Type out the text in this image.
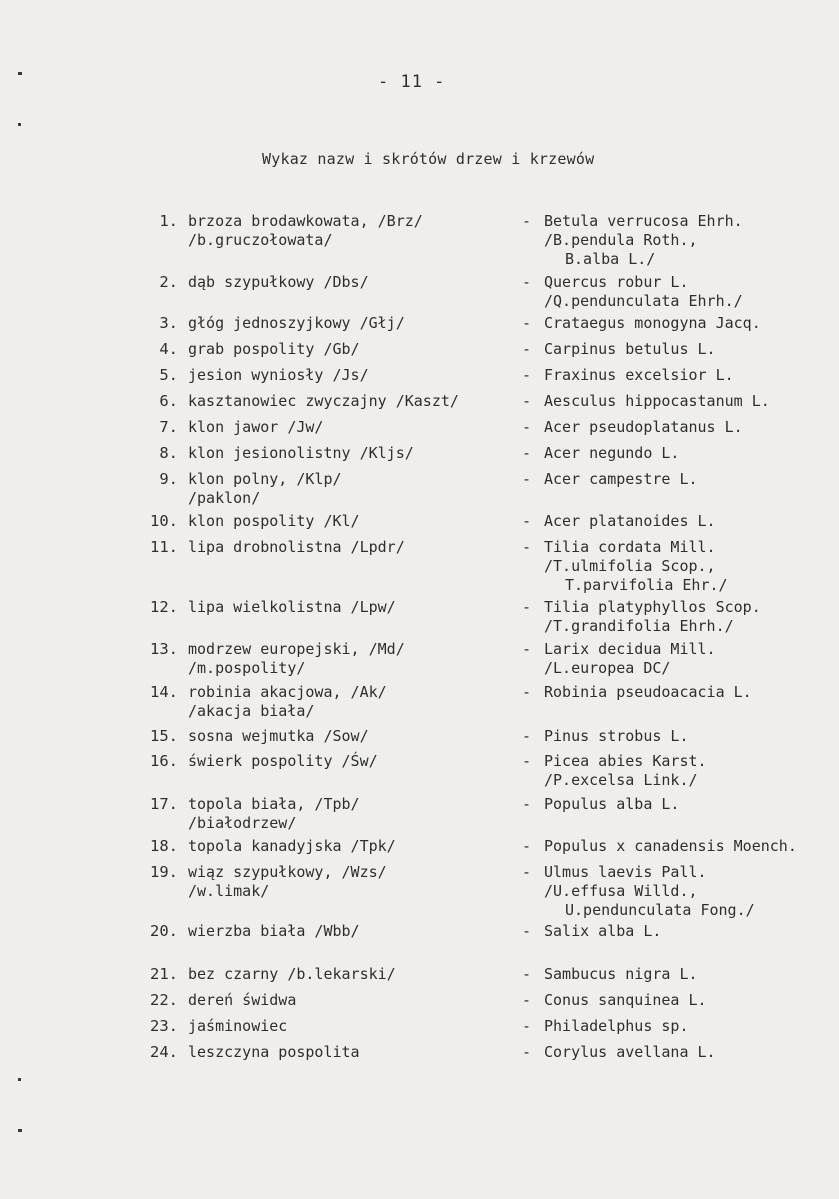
- 11 -
Wykaz nazw i skrótów drzew i krzewów
1. brzoza brodawkowata, /Brz/
/b.gruczołowata/
- Betula verrucosa Ehrh.
/B.pendula Roth.,
B.alba L./
2. dąb szypułkowy /Dbs/	- Quercus robur L.
/Q.pendunculata Ehrh./
3. głóg jednoszyjkowy /Głj/	- Crataegus monogyna Jacq.
4. grab pospolity /Gb/	- Carpinus betulus L.
5. jesion wyniosły /Js/	- Fraxinus excelsior L.
6. kasztanowiec zwyczajny /Kaszt/	- Aesculus hippocastanum L.
7. klon jawor /Jw/	- Acer pseudoplatanus L.
8. klon jesionolistny /Kljs/	- Acer negundo L.
9. klon polny, /Klp/
/paklon/
- Acer campestre L.
10. klon pospolity /Kl/	- Acer platanoides L.
11. lipa drobnolistna /Lpdr/	- Tilia cordata Mill.
/T.ulmifolia Scop.,
T.parvifolia Ehr./
12. lipa wielkolistna /Lpw/	- Tilia platyphyllos Scop.
/T.grandifolia Ehrh./
13. modrzew europejski, /Md/
/m.pospolity/
- Larix decidua Mill.
/L.europea DC/
14. robinia akacjowa, /Ak/
/akacja biała/
- Robinia pseudoacacia L.
15. sosna wejmutka /Sow/	- Pinus strobus L.
16. świerk pospolity /Św/	- Picea abies Karst.
/P.excelsa Link./
17. topola biała, /Tpb/
/białodrzew/
- Populus alba L.
18. topola kanadyjska /Tpk/	- Populus x canadensis Moench.
19. wiąz szypułkowy, /Wzs/
/w.limak/
- Ulmus laevis Pall.
/U.effusa Willd.,
U.pendunculata Fong./
20. wierzba biała /Wbb/	- Salix alba L.
21. bez czarny /b.lekarski/	- Sambucus nigra L.
22. dereń świdwa	- Conus sanquinea L.
23. jaśminowiec	- Philadelphus sp.
24. leszczyna pospolita	- Corylus avellana L.
